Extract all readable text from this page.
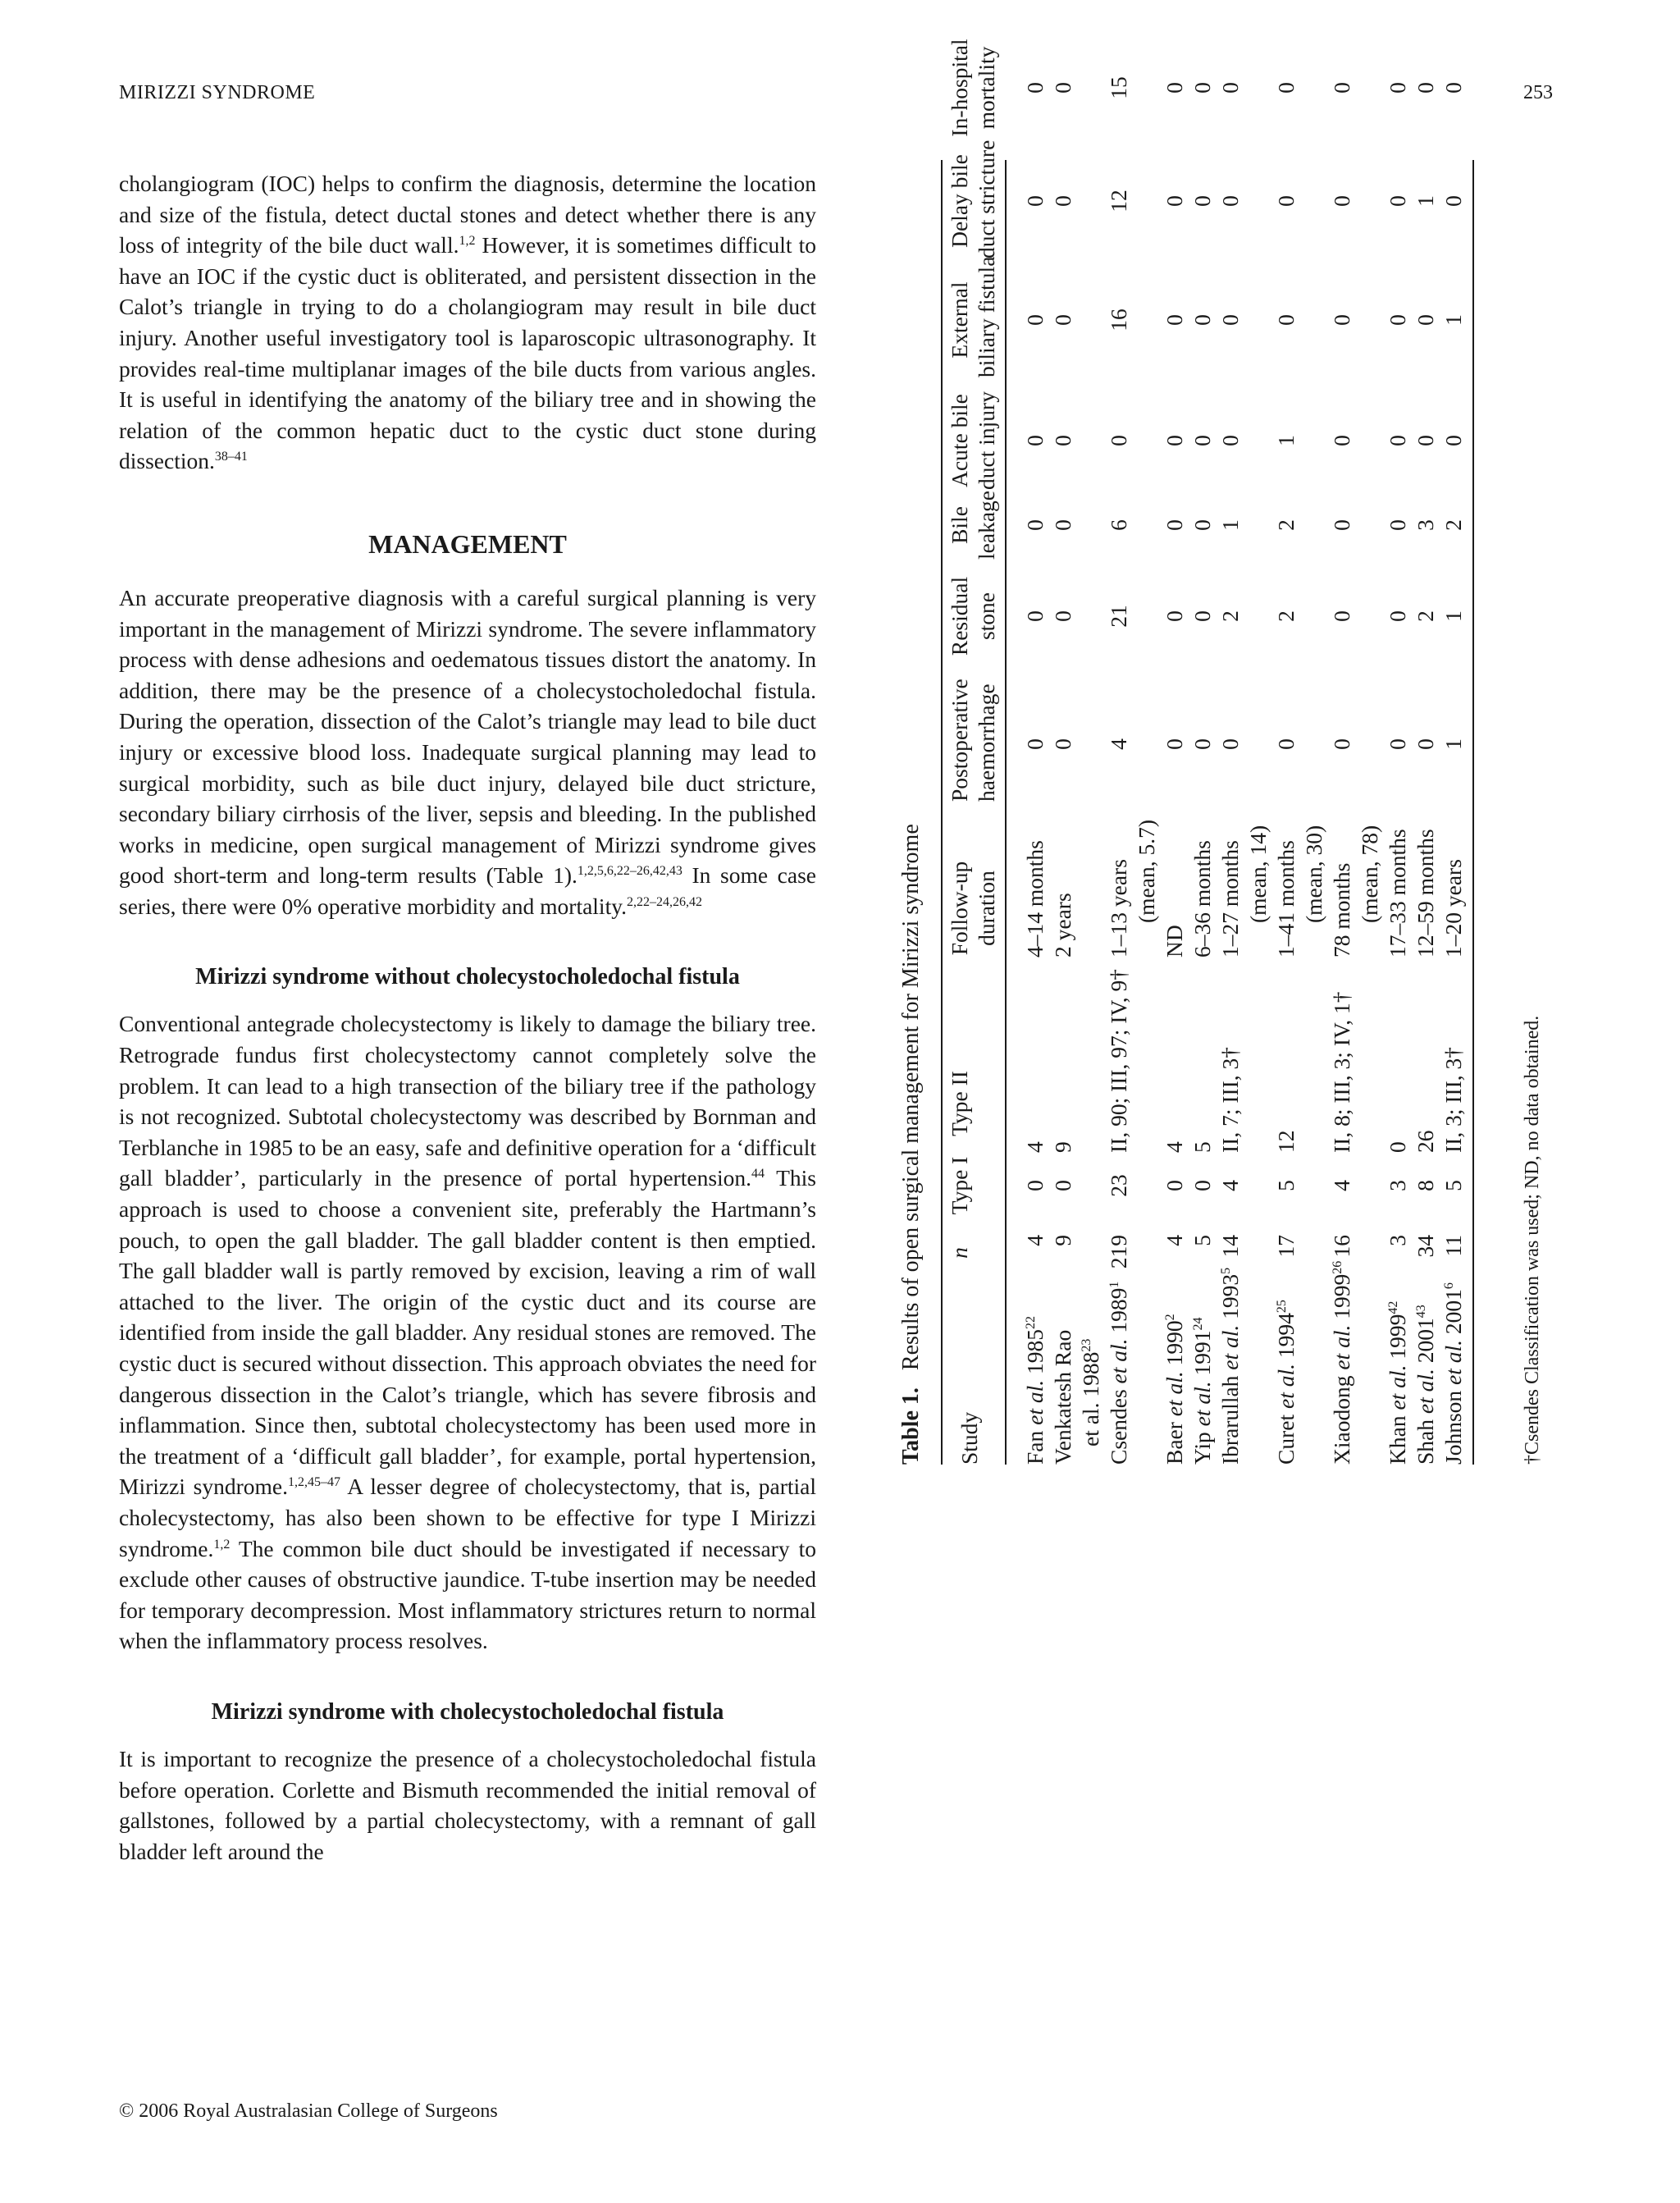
MIRIZZI SYNDROME	253

cholangiogram (IOC) helps to confirm the diagnosis, determine the location and size of the fistula, detect ductal stones and detect whether there is any loss of integrity of the bile duct wall.$^{1,2}$ However, it is sometimes difficult to have an IOC if the cystic duct is obliterated, and persistent dissection in the Calot’s triangle in trying to do a cholangiogram may result in bile duct injury. Another useful investigatory tool is laparoscopic ultrasonography. It provides real-time multiplanar images of the bile ducts from various angles. It is useful in identifying the anatomy of the biliary tree and in showing the relation of the common hepatic duct to the cystic duct stone during dissection.$^{38-41}$

MANAGEMENT

An accurate preoperative diagnosis with a careful surgical planning is very important in the management of Mirizzi syndrome. The severe inflammatory process with dense adhesions and oedematous tissues distort the anatomy. In addition, there may be the presence of a cholecystocholedochal fistula. During the operation, dissection of the Calot’s triangle may lead to bile duct injury or excessive blood loss. Inadequate surgical planning may lead to surgical morbidity, such as bile duct injury, delayed bile duct stricture, secondary biliary cirrhosis of the liver, sepsis and bleeding. In the published works in medicine, open surgical management of Mirizzi syndrome gives good short-term and long-term results (Table 1).$^{1,2,5,6,22-26,42,43}$ In some case series, there were 0% operative morbidity and mortality.$^{2,22-24,26,42}$

Mirizzi syndrome without cholecystocholedochal fistula

Conventional antegrade cholecystectomy is likely to damage the biliary tree. Retrograde fundus first cholecystectomy cannot completely solve the problem. It can lead to a high transection of the biliary tree if the pathology is not recognized. Subtotal cholecystectomy was described by Bornman and Terblanche in 1985 to be an easy, safe and definitive operation for a ‘difficult gall bladder’, particularly in the presence of portal hypertension.$^{44}$ This approach is used to choose a convenient site, preferably the Hartmann’s pouch, to open the gall bladder. The gall bladder content is then emptied. The gall bladder wall is partly removed by excision, leaving a rim of wall attached to the liver. The origin of the cystic duct and its course are identified from inside the gall bladder. Any residual stones are removed. The cystic duct is secured without dissection. This approach obviates the need for dangerous dissection in the Calot’s triangle, which has severe fibrosis and inflammation. Since then, subtotal cholecystectomy has been used more in the treatment of a ‘difficult gall bladder’, for example, portal hypertension, Mirizzi syndrome.$^{1,2,45-47}$ A lesser degree of cholecystectomy, that is, partial cholecystectomy, has also been shown to be effective for type I Mirizzi syndrome.$^{1,2}$ The common bile duct should be investigated if necessary to exclude other causes of obstructive jaundice. T-tube insertion may be needed for temporary decompression. Most inflammatory strictures return to normal when the inflammatory process resolves.

Mirizzi syndrome with cholecystocholedochal fistula

It is important to recognize the presence of a cholecystocholedochal fistula before operation. Corlette and Bismuth recommended the initial removal of gallstones, followed by a partial cholecystectomy, with a remnant of gall bladder left around the

Table 1.   Results of open surgical management for Mirizzi syndrome	†Csendes Classification was used; ND, no data obtained.
Study
n
Type I
Type II
Follow-up duration
Postoperative haemorrhage
Residual stone
Bile leakage
Acute bile duct injury
External biliary fistula
Delay bile duct stricture
In-hospital mortality
Fan et al. 1985$^{22}$
4
0
4
4–14 months
0
0
0
0
0
0
0
Venkatesh Rao et al. 1988$^{23}$
9
0
9
2 years
0
0
0
0
0
0
0
Csendes et al. 1989$^1$
219
23
II, 90; III, 97; IV, 9†
1–13 years
4
21
6
0
16
12
15
(mean, 5.7)
Baer et al. 1990$^2$
4
0
4
ND
0
0
0
0
0
0
0
Yip et al. 1991$^{24}$
5
0
5
6–36 months
0
0
0
0
0
0
0
Ibrarullah et al. 1993$^5$
14
4
II, 7; III, 3†
1–27 months
0
2
1
0
0
0
0
(mean, 14)
Curet et al. 1994$^{25}$
17
5
12
1–41 months
0
2
2
1
0
0
0
(mean, 30)
Xiaodong et al. 1999$^{26}$
16
4
II, 8; III, 3; IV, 1†
78 months
0
0
0
0
0
0
0
(mean, 78)
Khan et al. 1999$^{42}$
3
3
0
17–33 months
0
0
0
0
0
0
0
Shah et al. 2001$^{43}$
34
8
26
12–59 months
0
2
3
0
0
1
0
Johnson et al. 2001$^6$
11
5
II, 3; III, 3†
1–20 years
1
1
2
0
1
0
0
© 2006 Royal Australasian College of Surgeons
